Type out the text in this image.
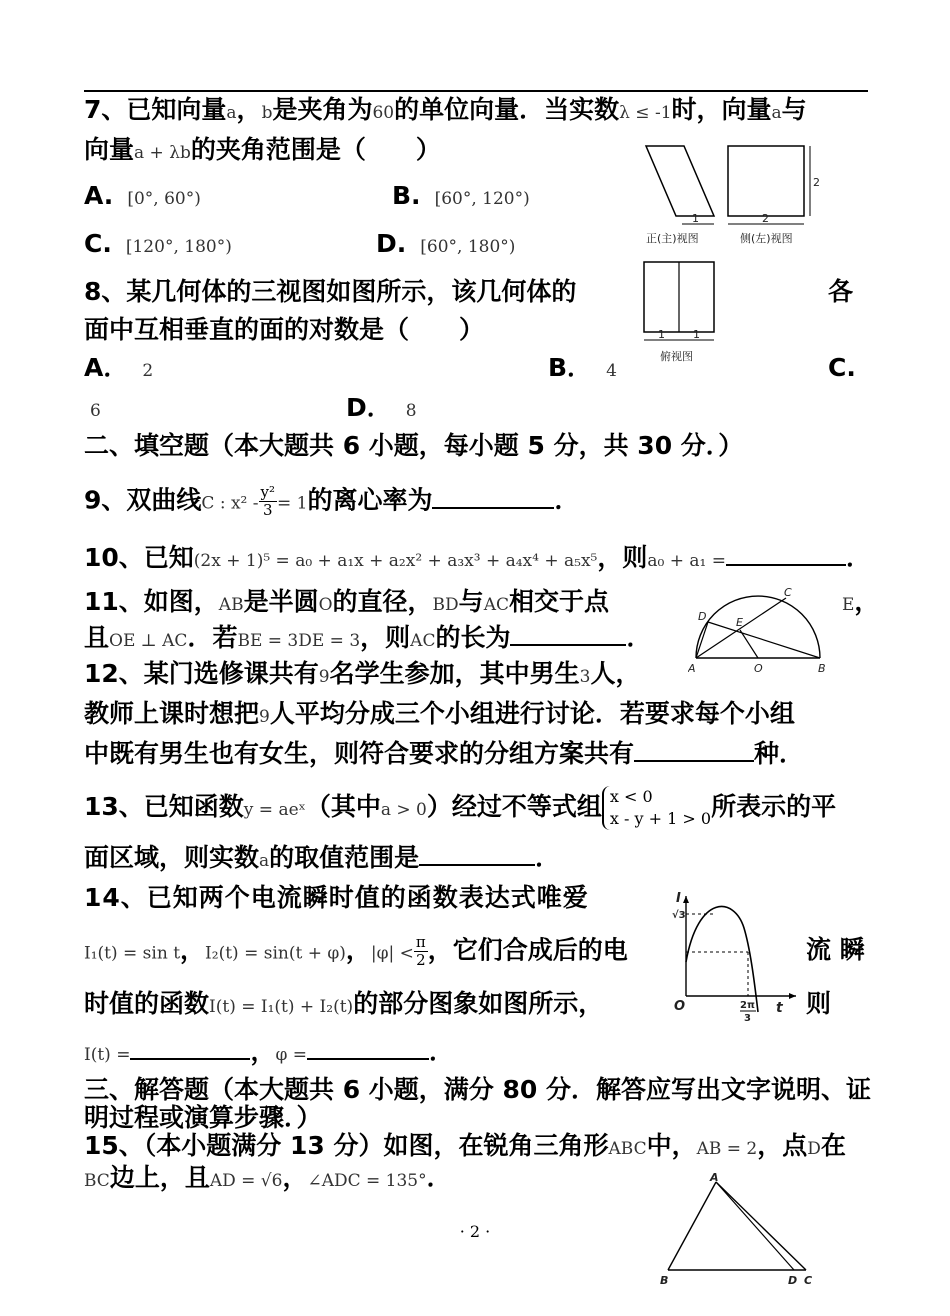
7、已知向量a，b是夹角为60的单位向量．当实数λ ≤ -1时，向量a与
向量a + λb的夹角范围是（　　）
A. [0°, 60°)	B. [60°, 120°)
C. [120°, 180°)	D. [60°, 180°)
1
正(主)视图
2
2
侧(左)视图
1	1
俯视图
8、某几何体的三视图如图所示，该几何体的	各
面中互相垂直的面的对数是（　　）
A． 2	B． 4	C.
6	D． 8
二、填空题（本大题共 6 小题，每小题 5 分，共 30 分．）
9、双曲线C : $x^2 - \frac{\text{y²}}{3} = 1$的离心率为	．
10、已知(2x + 1)⁵ = a₀ + a₁x + a₂x² + a₃x³ + a₄x⁴ + a₅x⁵，则a₀ + a₁ =	．
11、如图，AB是半圆O的直径，BD与AC相交于点	E，
且OE ⊥ AC．若BE = 3DE = 3，则AC的长为	．
A	B
C
D	E
O
12、某门选修课共有9名学生参加，其中男生3人，
教师上课时想把9人平均分成三个小组进行讨论．若要求每个小组
中既有男生也有女生，则符合要求的分组方案共有	种．
13、已知函数y = aeˣ（其中a > 0）经过不等式组 x < 0
x - y + 1 > 0 所表示的平
面区域，则实数a的取值范围是	．
14、已知两个电流瞬时值的函数表达式唯爱
I₁(t) = sin t，I₂(t) = sin(t + φ)，$|\varphi| < \frac{\pi}{2}$ ，它们合成后的电	流 瞬
时值的函数I(t) = I₁(t) + I₂(t)的部分图象如图所示，	则
I(t) =	，φ =	．
I
√3
O	t
2π
3
三、解答题（本大题共 6 小题，满分 80 分．解答应写出文字说明、证
明过程或演算步骤．）
15、（本小题满分 13 分）如图，在锐角三角形ABC中，AB = 2，点D在
BC边上，且AD = √6，∠ADC = 135°．
· 2 ·
A
B	D C
